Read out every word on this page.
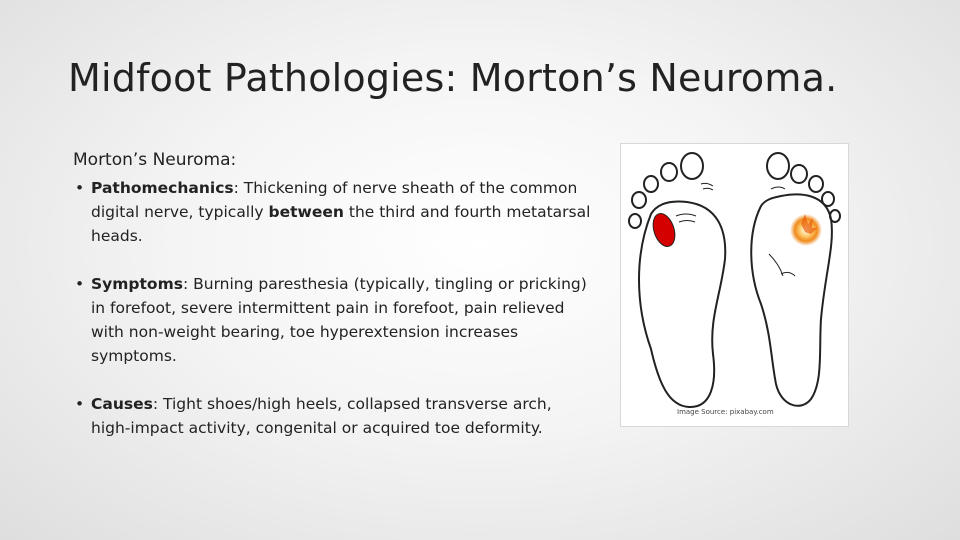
Midfoot Pathologies: Morton’s Neuroma.

Morton’s Neuroma:

• Pathomechanics: Thickening of nerve sheath of the common digital nerve, typically between the third and fourth metatarsal heads.
• Symptoms: Burning paresthesia (typically, tingling or pricking) in forefoot, severe intermittent pain in forefoot, pain relieved with non-weight bearing, toe hyperextension increases symptoms.
• Causes: Tight shoes/high heels, collapsed transverse arch, high-impact activity, congenital or acquired toe deformity.
Image Source: pixabay.com
